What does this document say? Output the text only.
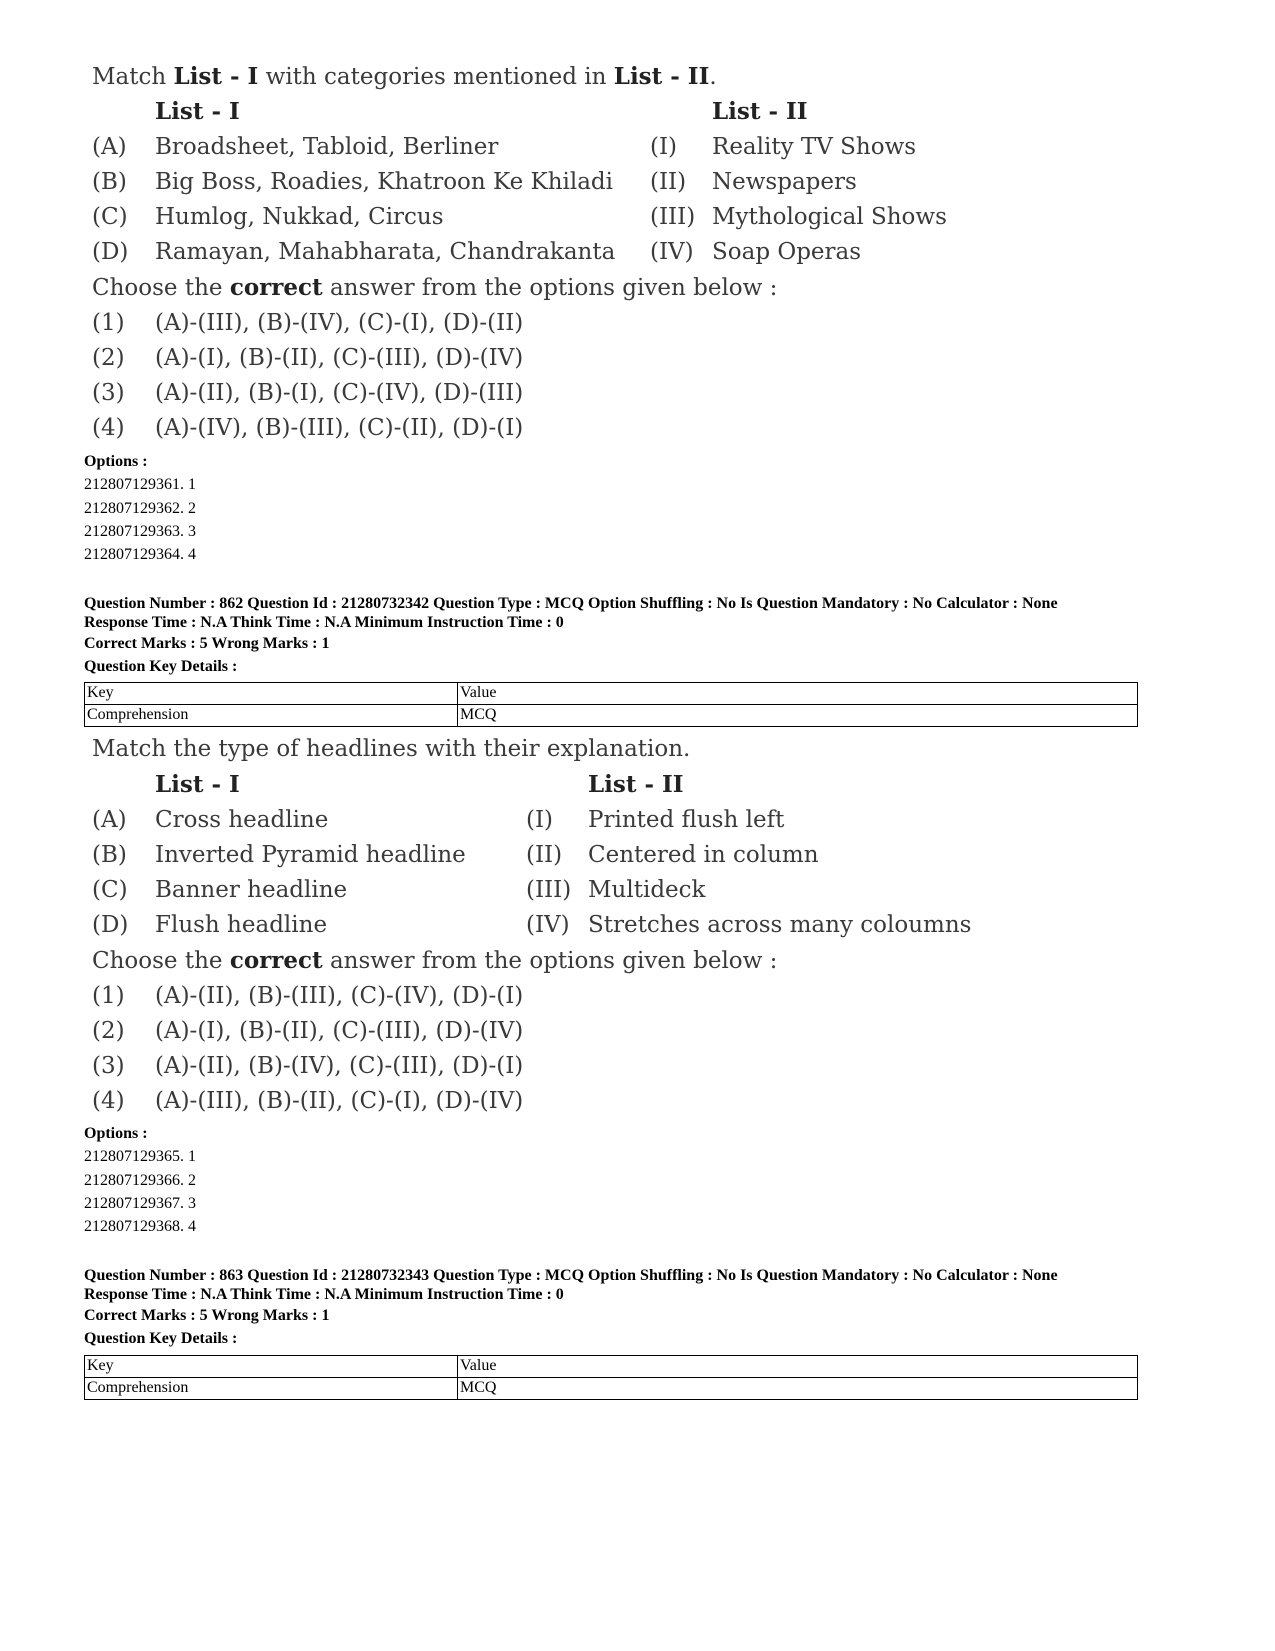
Match List - I with categories mentioned in List - II.
List - I	List - II
(A) Broadsheet, Tabloid, Berliner	(I) Reality TV Shows
(B) Big Boss, Roadies, Khatroon Ke Khiladi (II) Newspapers
(C) Humlog, Nukkad, Circus	(III) Mythological Shows
(D) Ramayan, Mahabharata, Chandrakanta (IV) Soap Operas
Choose the correct answer from the options given below :
(1) (A)-(III), (B)-(IV), (C)-(I), (D)-(II)
(2) (A)-(I), (B)-(II), (C)-(III), (D)-(IV)
(3) (A)-(II), (B)-(I), (C)-(IV), (D)-(III)
(4) (A)-(IV), (B)-(III), (C)-(II), (D)-(I)
Options :
212807129361. 1
212807129362. 2
212807129363. 3
212807129364. 4
Question Number : 862 Question Id : 21280732342 Question Type : MCQ Option Shuffling : No Is Question Mandatory : No Calculator : None
Response Time : N.A Think Time : N.A Minimum Instruction Time : 0
Correct Marks : 5 Wrong Marks : 1
Question Key Details :
Key	Value
Comprehension	MCQ
Match the type of headlines with their explanation.
List - I	List - II
(A) Cross headline	(I) Printed flush left
(B) Inverted Pyramid headline	(II) Centered in column
(C) Banner headline	(III) Multideck
(D) Flush headline	(IV) Stretches across many coloumns
Choose the correct answer from the options given below :
(1) (A)-(II), (B)-(III), (C)-(IV), (D)-(I)
(2) (A)-(I), (B)-(II), (C)-(III), (D)-(IV)
(3) (A)-(II), (B)-(IV), (C)-(III), (D)-(I)
(4) (A)-(III), (B)-(II), (C)-(I), (D)-(IV)
Options :
212807129365. 1
212807129366. 2
212807129367. 3
212807129368. 4
Question Number : 863 Question Id : 21280732343 Question Type : MCQ Option Shuffling : No Is Question Mandatory : No Calculator : None
Response Time : N.A Think Time : N.A Minimum Instruction Time : 0
Correct Marks : 5 Wrong Marks : 1
Question Key Details :
Key	Value
Comprehension	MCQ
